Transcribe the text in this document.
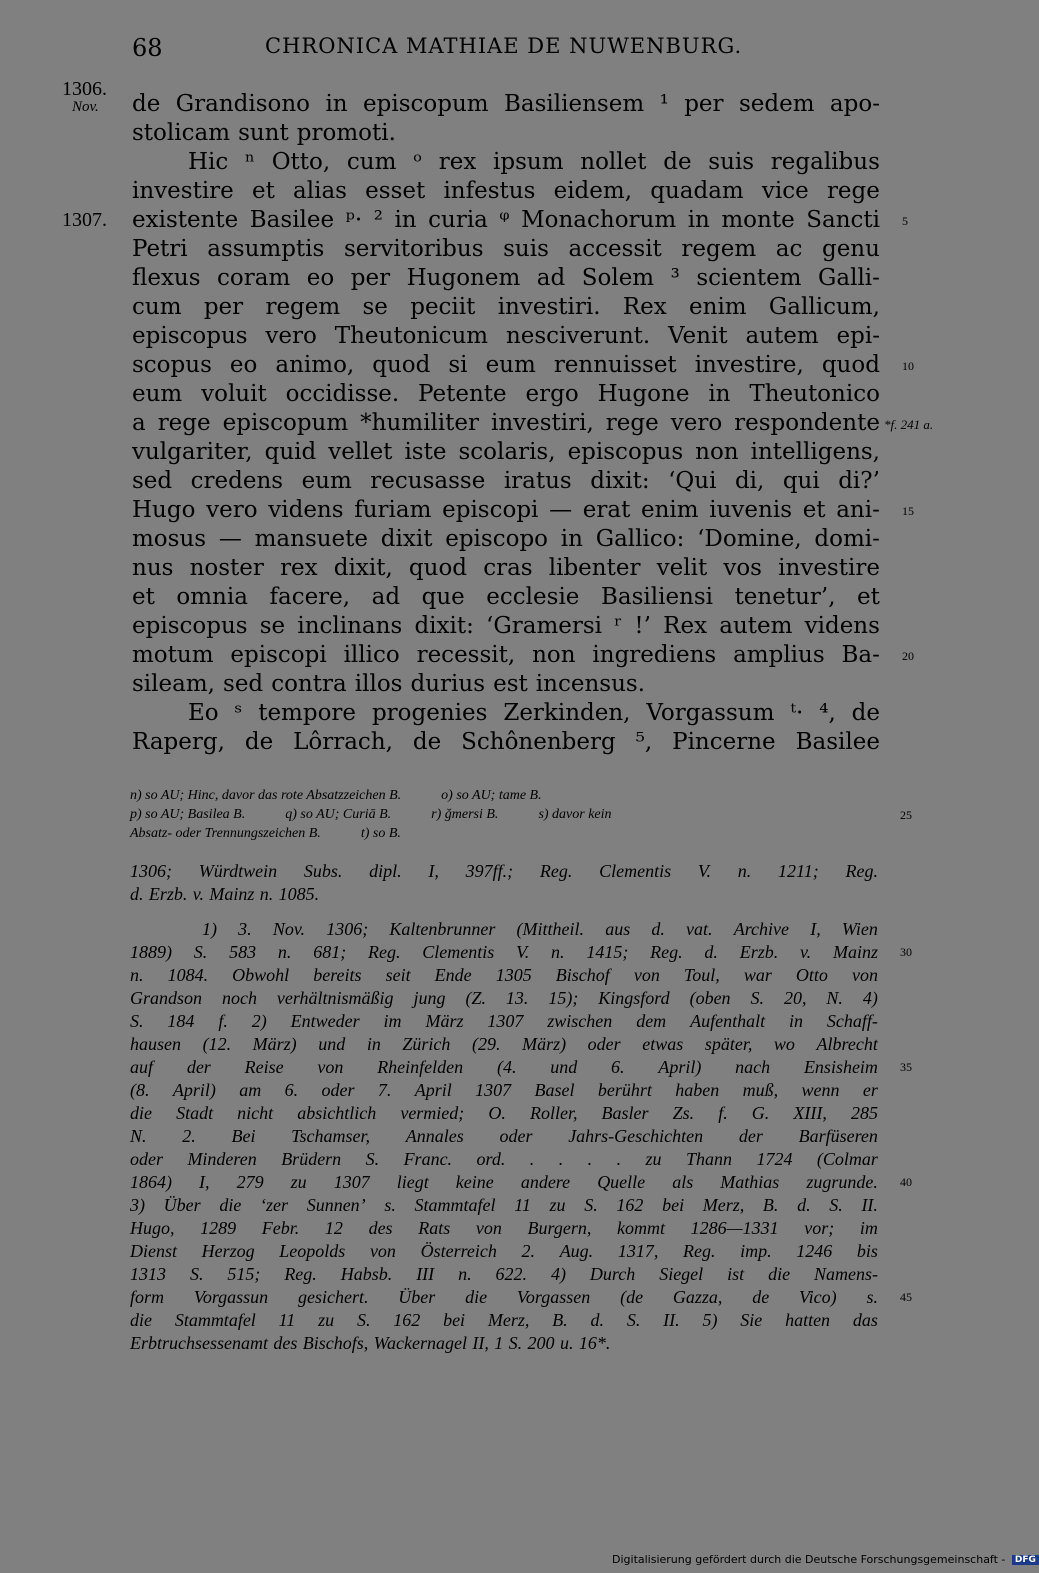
68	CHRONICA MATHIAE DE NUWENBURG.
de Grandisono in episcopum Basiliensem ¹ per sedem apo-
1306.
Nov.
stolicam sunt promoti.
Hic ⁿ Otto, cum ᵒ rex ipsum nollet de suis regalibus
investire et alias esset infestus eidem, quadam vice rege
existente Basilee ᵖ· ² in curia ᵠ Monachorum in monte Sancti
1307.	5
Petri assumptis servitoribus suis accessit regem ac genu
flexus coram eo per Hugonem ad Solem ³ scientem Galli-
cum per regem se peciit investiri. Rex enim Gallicum,
episcopus vero Theutonicum nesciverunt. Venit autem epi-
scopus eo animo, quod si eum rennuisset investire, quod 10
eum voluit occidisse. Petente ergo Hugone in Theutonico
a rege episcopum *humiliter investiri, rege vero respondente *f. 241 a.
vulgariter, quid vellet iste scolaris, episcopus non intelligens,
sed credens eum recusasse iratus dixit: ‘Qui di, qui di?’
Hugo vero videns furiam episcopi — erat enim iuvenis et ani- 15
mosus — mansuete dixit episcopo in Gallico: ‘Domine, domi-
nus noster rex dixit, quod cras libenter velit vos investire
et omnia facere, ad que ecclesie Basiliensi tenetur’, et
episcopus se inclinans dixit: ‘Gramersi ʳ !’ Rex autem videns
motum episcopi illico recessit, non ingrediens amplius Ba- 20
sileam, sed contra illos durius est incensus.
Eo ˢ tempore progenies Zerkinden, Vorgassum ᵗ· ⁴, de
Raperg, de Lôrrach, de Schônenberg ⁵, Pincerne Basilee
n) so AU; Hinc, davor das rote Absatzzeichen B.	o) so AU; tame B.
p) so AU; Basilea B.	q) so AU; Curiā B.	r) ğmersi B.	s) davor kein	25
Absatz- oder Trennungszeichen B.	t) so B.
1306; Würdtwein Subs. dipl. I, 397ff.; Reg. Clementis V. n. 1211; Reg.
d. Erzb. v. Mainz n. 1085.
1) 3. Nov. 1306; Kaltenbrunner (Mittheil. aus d. vat. Archive I, Wien
1889) S. 583 n. 681; Reg. Clementis V. n. 1415; Reg. d. Erzb. v. Mainz 30
n. 1084. Obwohl bereits seit Ende 1305 Bischof von Toul, war Otto von
Grandson noch verhältnismäßig jung (Z. 13. 15); Kingsford (oben S. 20, N. 4)
S. 184 f. 2) Entweder im März 1307 zwischen dem Aufenthalt in Schaff-
hausen (12. März) und in Zürich (29. März) oder etwas später, wo Albrecht
auf der Reise von Rheinfelden (4. und 6. April) nach Ensisheim 35
(8. April) am 6. oder 7. April 1307 Basel berührt haben muß, wenn er
die Stadt nicht absichtlich vermied; O. Roller, Basler Zs. f. G. XIII, 285
N. 2. Bei Tschamser, Annales oder Jahrs-Geschichten der Barfüseren
oder Minderen Brüdern S. Franc. ord. . . . . zu Thann 1724 (Colmar
1864) I, 279 zu 1307 liegt keine andere Quelle als Mathias zugrunde. 40
3) Über die ‘zer Sunnen’ s. Stammtafel 11 zu S. 162 bei Merz, B. d. S. II.
Hugo, 1289 Febr. 12 des Rats von Burgern, kommt 1286—1331 vor; im
Dienst Herzog Leopolds von Österreich 2. Aug. 1317, Reg. imp. 1246 bis
1313 S. 515; Reg. Habsb. III n. 622. 4) Durch Siegel ist die Namens-
form Vorgassun gesichert. Über die Vorgassen (de Gazza, de Vico) s. 45
die Stammtafel 11 zu S. 162 bei Merz, B. d. S. II. 5) Sie hatten das
Erbtruchsessenamt des Bischofs, Wackernagel II, 1 S. 200 u. 16*.
Digitalisierung gefördert durch die Deutsche Forschungsgemeinschaft - DFG
